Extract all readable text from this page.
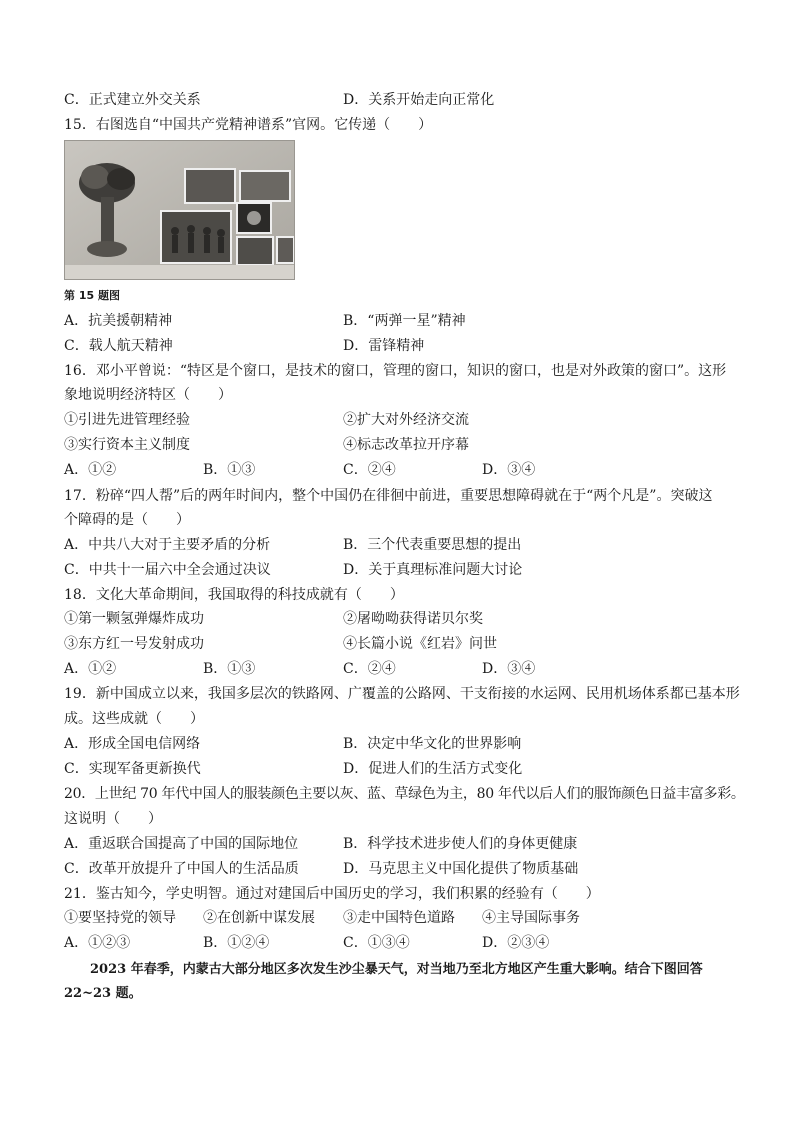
C．正式建立外交关系	D．关系开始走向正常化
15．右图选自“中国共产党精神谱系”官网。它传递（　　）
第 15 题图
A．抗美援朝精神	B．“两弹一星”精神
C．载人航天精神	D．雷锋精神
16．邓小平曾说：“特区是个窗口，是技术的窗口，管理的窗口，知识的窗口，也是对外政策的窗口”。这形
象地说明经济特区（　　）
①引进先进管理经验	②扩大对外经济交流
③实行资本主义制度	④标志改革拉开序幕
A．①②	B．①③	C．②④	D．③④
17．粉碎“四人帮”后的两年时间内，整个中国仍在徘徊中前进，重要思想障碍就在于“两个凡是”。突破这
个障碍的是（　　）
A．中共八大对于主要矛盾的分析	B．三个代表重要思想的提出
C．中共十一届六中全会通过决议	D．关于真理标准问题大讨论
18．文化大革命期间，我国取得的科技成就有（　　）
①第一颗氢弹爆炸成功	②屠呦呦获得诺贝尔奖
③东方红一号发射成功	④长篇小说《红岩》问世
A．①②	B．①③	C．②④	D．③④
19．新中国成立以来，我国多层次的铁路网、广覆盖的公路网、干支衔接的水运网、民用机场体系都已基本形
成。这些成就（　　）
A．形成全国电信网络	B．决定中华文化的世界影响
C．实现军备更新换代	D．促进人们的生活方式变化
20．上世纪 70 年代中国人的服装颜色主要以灰、蓝、草绿色为主，80 年代以后人们的服饰颜色日益丰富多彩。
这说明（　　）
A．重返联合国提高了中国的国际地位	B．科学技术进步使人们的身体更健康
C．改革开放提升了中国人的生活品质	D．马克思主义中国化提供了物质基础
21．鉴古知今，学史明智。通过对建国后中国历史的学习，我们积累的经验有（　　）
①要坚持党的领导 ②在创新中谋发展 ③走中国特色道路 ④主导国际事务
A．①②③	B．①②④	C．①③④	D．②③④
2023 年春季，内蒙古大部分地区多次发生沙尘暴天气，对当地乃至北方地区产生重大影响。结合下图回答 22~23 题。
